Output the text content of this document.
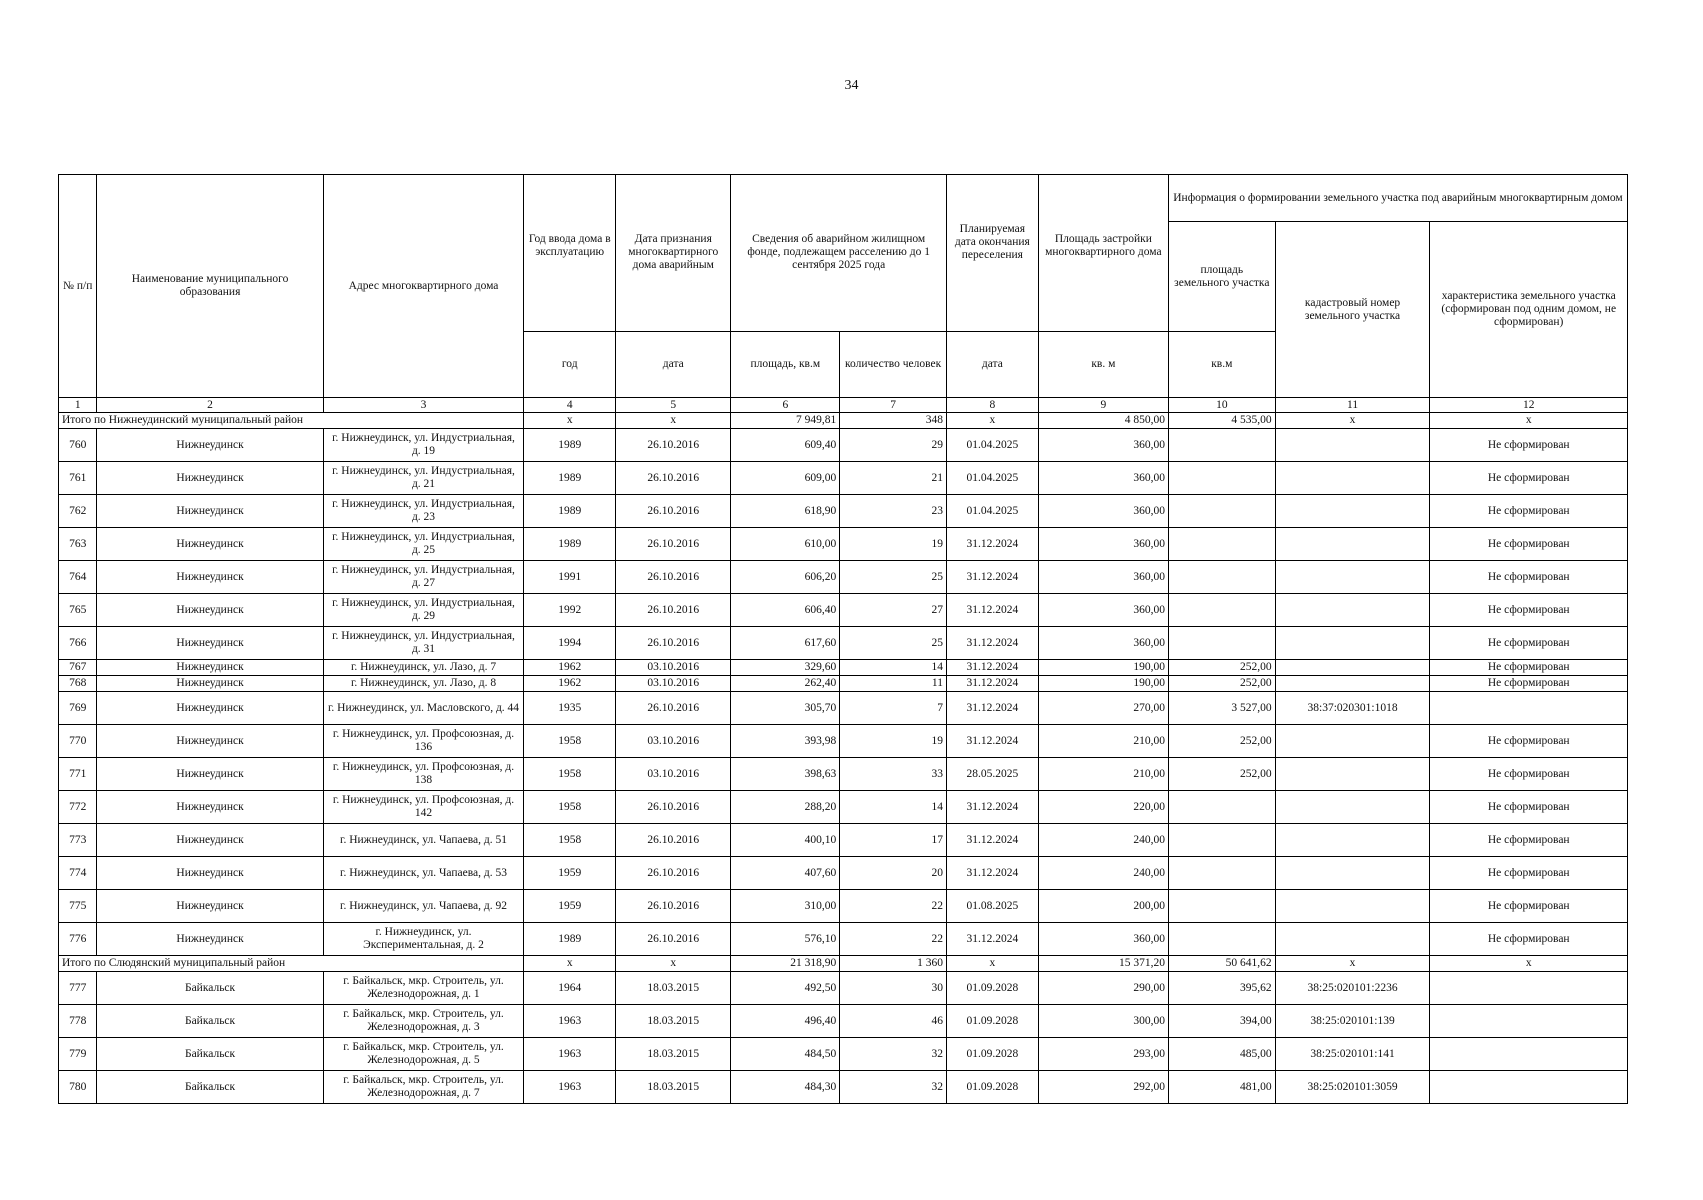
34
№ п/п	Наименование муниципального образования	Адрес многоквартирного дома	Год ввода дома в эксплуатацию	Дата признания многоквартирного дома аварийным	Сведения об аварийном жилищном фонде, подлежащем расселению до 1 сентября 2025 года		Планируемая дата окончания переселения	Площадь застройки многоквартирного дома	Информация о формировании земельного участка под аварийным многоквартирным домом		
									площадь земельного участка	кадастровый номер земельного участка	характеристика земельного участка (сформирован под одним домом, не сформирован)
			год	дата	площадь, кв.м	количество человек	дата	кв. м	кв.м		
1	2	3	4	5	6	7	8	9	10	11	12
Итого по Нижнеудинский муниципальный район			x	x	7 949,81	348	x	4 850,00	4 535,00	x	x
760	Нижнеудинск	г. Нижнеудинск, ул. Индустриальная, д. 19	1989	26.10.2016	609,40	29	01.04.2025	360,00			Не сформирован
761	Нижнеудинск	г. Нижнеудинск, ул. Индустриальная, д. 21	1989	26.10.2016	609,00	21	01.04.2025	360,00			Не сформирован
762	Нижнеудинск	г. Нижнеудинск, ул. Индустриальная, д. 23	1989	26.10.2016	618,90	23	01.04.2025	360,00			Не сформирован
763	Нижнеудинск	г. Нижнеудинск, ул. Индустриальная, д. 25	1989	26.10.2016	610,00	19	31.12.2024	360,00			Не сформирован
764	Нижнеудинск	г. Нижнеудинск, ул. Индустриальная, д. 27	1991	26.10.2016	606,20	25	31.12.2024	360,00			Не сформирован
765	Нижнеудинск	г. Нижнеудинск, ул. Индустриальная, д. 29	1992	26.10.2016	606,40	27	31.12.2024	360,00			Не сформирован
766	Нижнеудинск	г. Нижнеудинск, ул. Индустриальная, д. 31	1994	26.10.2016	617,60	25	31.12.2024	360,00			Не сформирован
767	Нижнеудинск	г. Нижнеудинск, ул. Лазо, д. 7	1962	03.10.2016	329,60	14	31.12.2024	190,00	252,00		Не сформирован
768	Нижнеудинск	г. Нижнеудинск, ул. Лазо, д. 8	1962	03.10.2016	262,40	11	31.12.2024	190,00	252,00		Не сформирован
769	Нижнеудинск	г. Нижнеудинск, ул. Масловского, д. 44	1935	26.10.2016	305,70	7	31.12.2024	270,00	3 527,00	38:37:020301:1018	
770	Нижнеудинск	г. Нижнеудинск, ул. Профсоюзная, д. 136	1958	03.10.2016	393,98	19	31.12.2024	210,00	252,00		Не сформирован
771	Нижнеудинск	г. Нижнеудинск, ул. Профсоюзная, д. 138	1958	03.10.2016	398,63	33	28.05.2025	210,00	252,00		Не сформирован
772	Нижнеудинск	г. Нижнеудинск, ул. Профсоюзная, д. 142	1958	26.10.2016	288,20	14	31.12.2024	220,00			Не сформирован
773	Нижнеудинск	г. Нижнеудинск, ул. Чапаева, д. 51	1958	26.10.2016	400,10	17	31.12.2024	240,00			Не сформирован
774	Нижнеудинск	г. Нижнеудинск, ул. Чапаева, д. 53	1959	26.10.2016	407,60	20	31.12.2024	240,00			Не сформирован
775	Нижнеудинск	г. Нижнеудинск, ул. Чапаева, д. 92	1959	26.10.2016	310,00	22	01.08.2025	200,00			Не сформирован
776	Нижнеудинск	г. Нижнеудинск, ул. Экспериментальная, д. 2	1989	26.10.2016	576,10	22	31.12.2024	360,00			Не сформирован
Итого по Слюдянский муниципальный район			x	x	21 318,90	1 360	x	15 371,20	50 641,62	x	x
777	Байкальск	г. Байкальск, мкр. Строитель, ул. Железнодорожная, д. 1	1964	18.03.2015	492,50	30	01.09.2028	290,00	395,62	38:25:020101:2236	
778	Байкальск	г. Байкальск, мкр. Строитель, ул. Железнодорожная, д. 3	1963	18.03.2015	496,40	46	01.09.2028	300,00	394,00	38:25:020101:139	
779	Байкальск	г. Байкальск, мкр. Строитель, ул. Железнодорожная, д. 5	1963	18.03.2015	484,50	32	01.09.2028	293,00	485,00	38:25:020101:141	
780	Байкальск	г. Байкальск, мкр. Строитель, ул. Железнодорожная, д. 7	1963	18.03.2015	484,30	32	01.09.2028	292,00	481,00	38:25:020101:3059	
